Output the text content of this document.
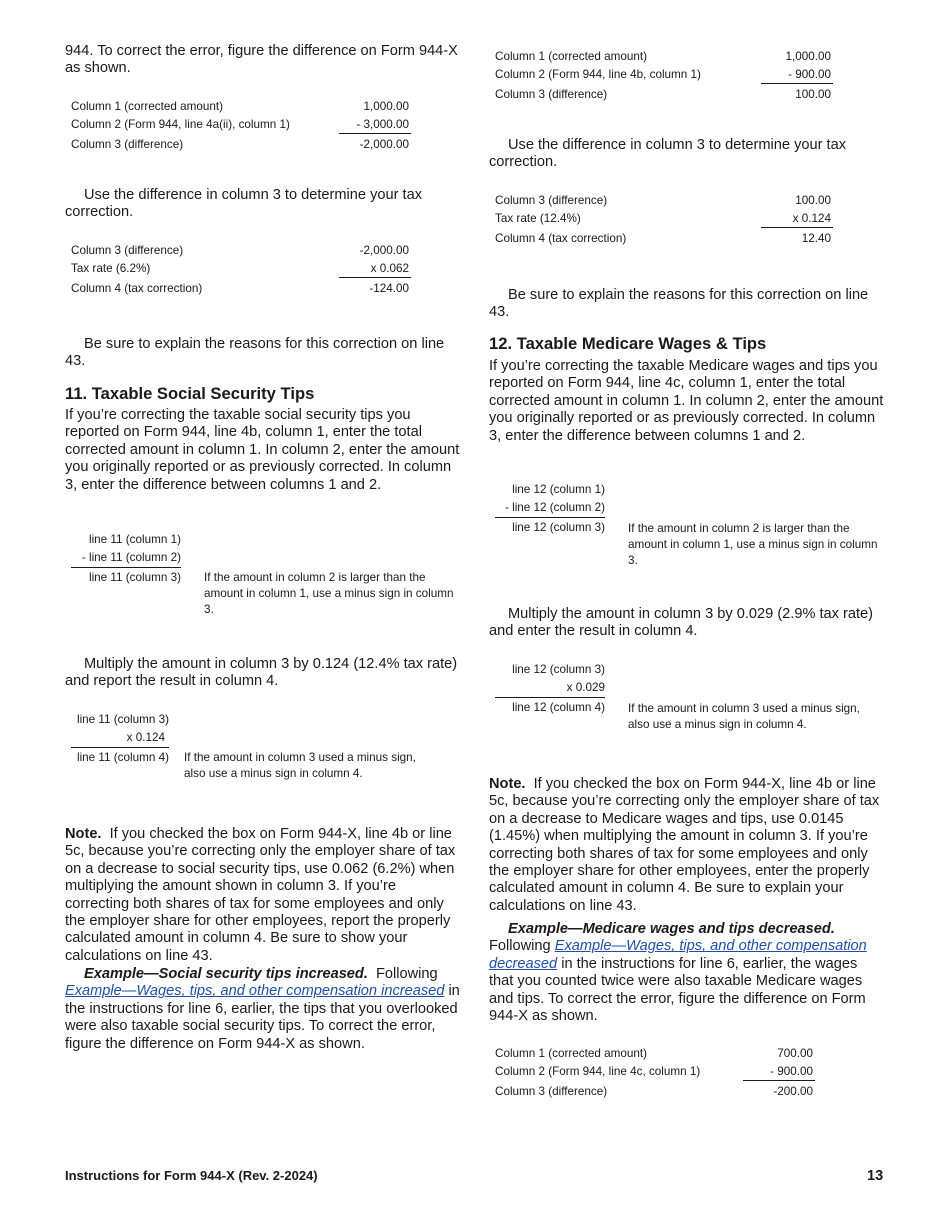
944. To correct the error, figure the difference on Form 944-X as shown.

Column 1 (corrected amount)	1,000.00
Column 2 (Form 944, line 4a(ii), column 1)	- 3,000.00
Column 3 (difference)	-2,000.00

Use the difference in column 3 to determine your tax correction.

Column 3 (difference)	-2,000.00
Tax rate (6.2%)	x 0.062
Column 4 (tax correction)	-124.00

Be sure to explain the reasons for this correction on line 43.

11. Taxable Social Security Tips

If you’re correcting the taxable social security tips you reported on Form 944, line 4b, column 1, enter the total corrected amount in column 1. In column 2, enter the amount you originally reported or as previously corrected. In column 3, enter the difference between columns 1 and 2.

line 11 (column 1)
- line 11 (column 2)
line 11 (column 3) If the amount in column 2 is larger than the amount in column 1, use a minus sign in column 3.

Multiply the amount in column 3 by 0.124 (12.4% tax rate) and report the result in column 4.

line 11 (column 3)
x 0.124
line 11 (column 4) If the amount in column 3 used a minus sign, also use a minus sign in column 4.

Note. If you checked the box on Form 944-X, line 4b or line 5c, because you’re correcting only the employer share of tax on a decrease to social security tips, use 0.062 (6.2%) when multiplying the amount shown in column 3. If you’re correcting both shares of tax for some employees and only the employer share for other employees, report the properly calculated amount in column 4. Be sure to show your calculations on line 43.

Example—Social security tips increased. Following Example—Wages, tips, and other compensation increased in the instructions for line 6, earlier, the tips that you overlooked were also taxable social security tips. To correct the error, figure the difference on Form 944-X as shown.

Column 1 (corrected amount)	1,000.00
Column 2 (Form 944, line 4b, column 1)	- 900.00
Column 3 (difference)	100.00

Use the difference in column 3 to determine your tax correction.

Column 3 (difference)	100.00
Tax rate (12.4%)	x 0.124
Column 4 (tax correction)	12.40

Be sure to explain the reasons for this correction on line 43.

12. Taxable Medicare Wages & Tips

If you’re correcting the taxable Medicare wages and tips you reported on Form 944, line 4c, column 1, enter the total corrected amount in column 1. In column 2, enter the amount you originally reported or as previously corrected. In column 3, enter the difference between columns 1 and 2.

line 12 (column 1)
- line 12 (column 2)
line 12 (column 3) If the amount in column 2 is larger than the amount in column 1, use a minus sign in column 3.

Multiply the amount in column 3 by 0.029 (2.9% tax rate) and enter the result in column 4.

line 12 (column 3)
x 0.029
line 12 (column 4) If the amount in column 3 used a minus sign, also use a minus sign in column 4.

Note. If you checked the box on Form 944-X, line 4b or line 5c, because you’re correcting only the employer share of tax on a decrease to Medicare wages and tips, use 0.0145 (1.45%) when multiplying the amount in column 3. If you’re correcting both shares of tax for some employees and only the employer share for other employees, enter the properly calculated amount in column 4. Be sure to explain your calculations on line 43.

Example—Medicare wages and tips decreased. Following Example—Wages, tips, and other compensation decreased in the instructions for line 6, earlier, the wages that you counted twice were also taxable Medicare wages and tips. To correct the error, figure the difference on Form 944-X as shown.

Column 1 (corrected amount)	700.00
Column 2 (Form 944, line 4c, column 1)	- 900.00
Column 3 (difference)	-200.00
Instructions for Form 944-X (Rev. 2-2024)	13
